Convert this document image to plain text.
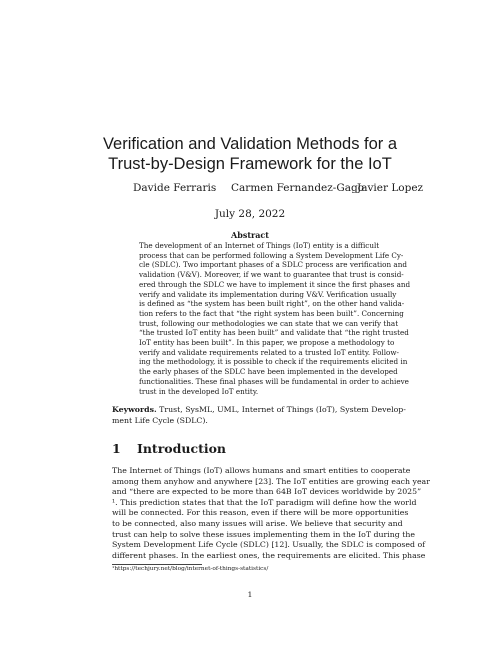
Verification and Validation Methods for a
Trust-by-Design Framework for the IoT
Davide Ferraris Carmen Fernandez-Gago
Javier Lopez
July 28, 2022
Abstract
The development of an Internet of Things (IoT) entity is a difficult
process that can be performed following a System Development Life Cy-
cle (SDLC). Two important phases of a SDLC process are verification and
validation (V&V). Moreover, if we want to guarantee that trust is consid-
ered through the SDLC we have to implement it since the first phases and
verify and validate its implementation during V&V. Verification usually
is defined as “the system has been built right”, on the other hand valida-
tion refers to the fact that “the right system has been built”. Concerning
trust, following our methodologies we can state that we can verify that
“the trusted IoT entity has been built” and validate that “the right trusted
IoT entity has been built”. In this paper, we propose a methodology to
verify and validate requirements related to a trusted IoT entity. Follow-
ing the methodology, it is possible to check if the requirements elicited in
the early phases of the SDLC have been implemented in the developed
functionalities. These final phases will be fundamental in order to achieve
trust in the developed IoT entity.
1 Introduction
The Internet of Things (IoT) allows humans and smart entities to cooperate
among them anyhow and anywhere [23]. The IoT entities are growing each year
and “there are expected to be more than 64B IoT devices worldwide by 2025”
¹. This prediction states that that the IoT paradigm will define how the world
will be connected. For this reason, even if there will be more opportunities
to be connected, also many issues will arise. We believe that security and
trust can help to solve these issues implementing them in the IoT during the
System Development Life Cycle (SDLC) [12]. Usually, the SDLC is composed of
different phases. In the earliest ones, the requirements are elicited. This phase
Keywords. Trust, SysML, UML, Internet of Things (IoT), System Develop-
ment Life Cycle (SDLC).
¹https://techjury.net/blog/internet-of-things-statistics/
1
